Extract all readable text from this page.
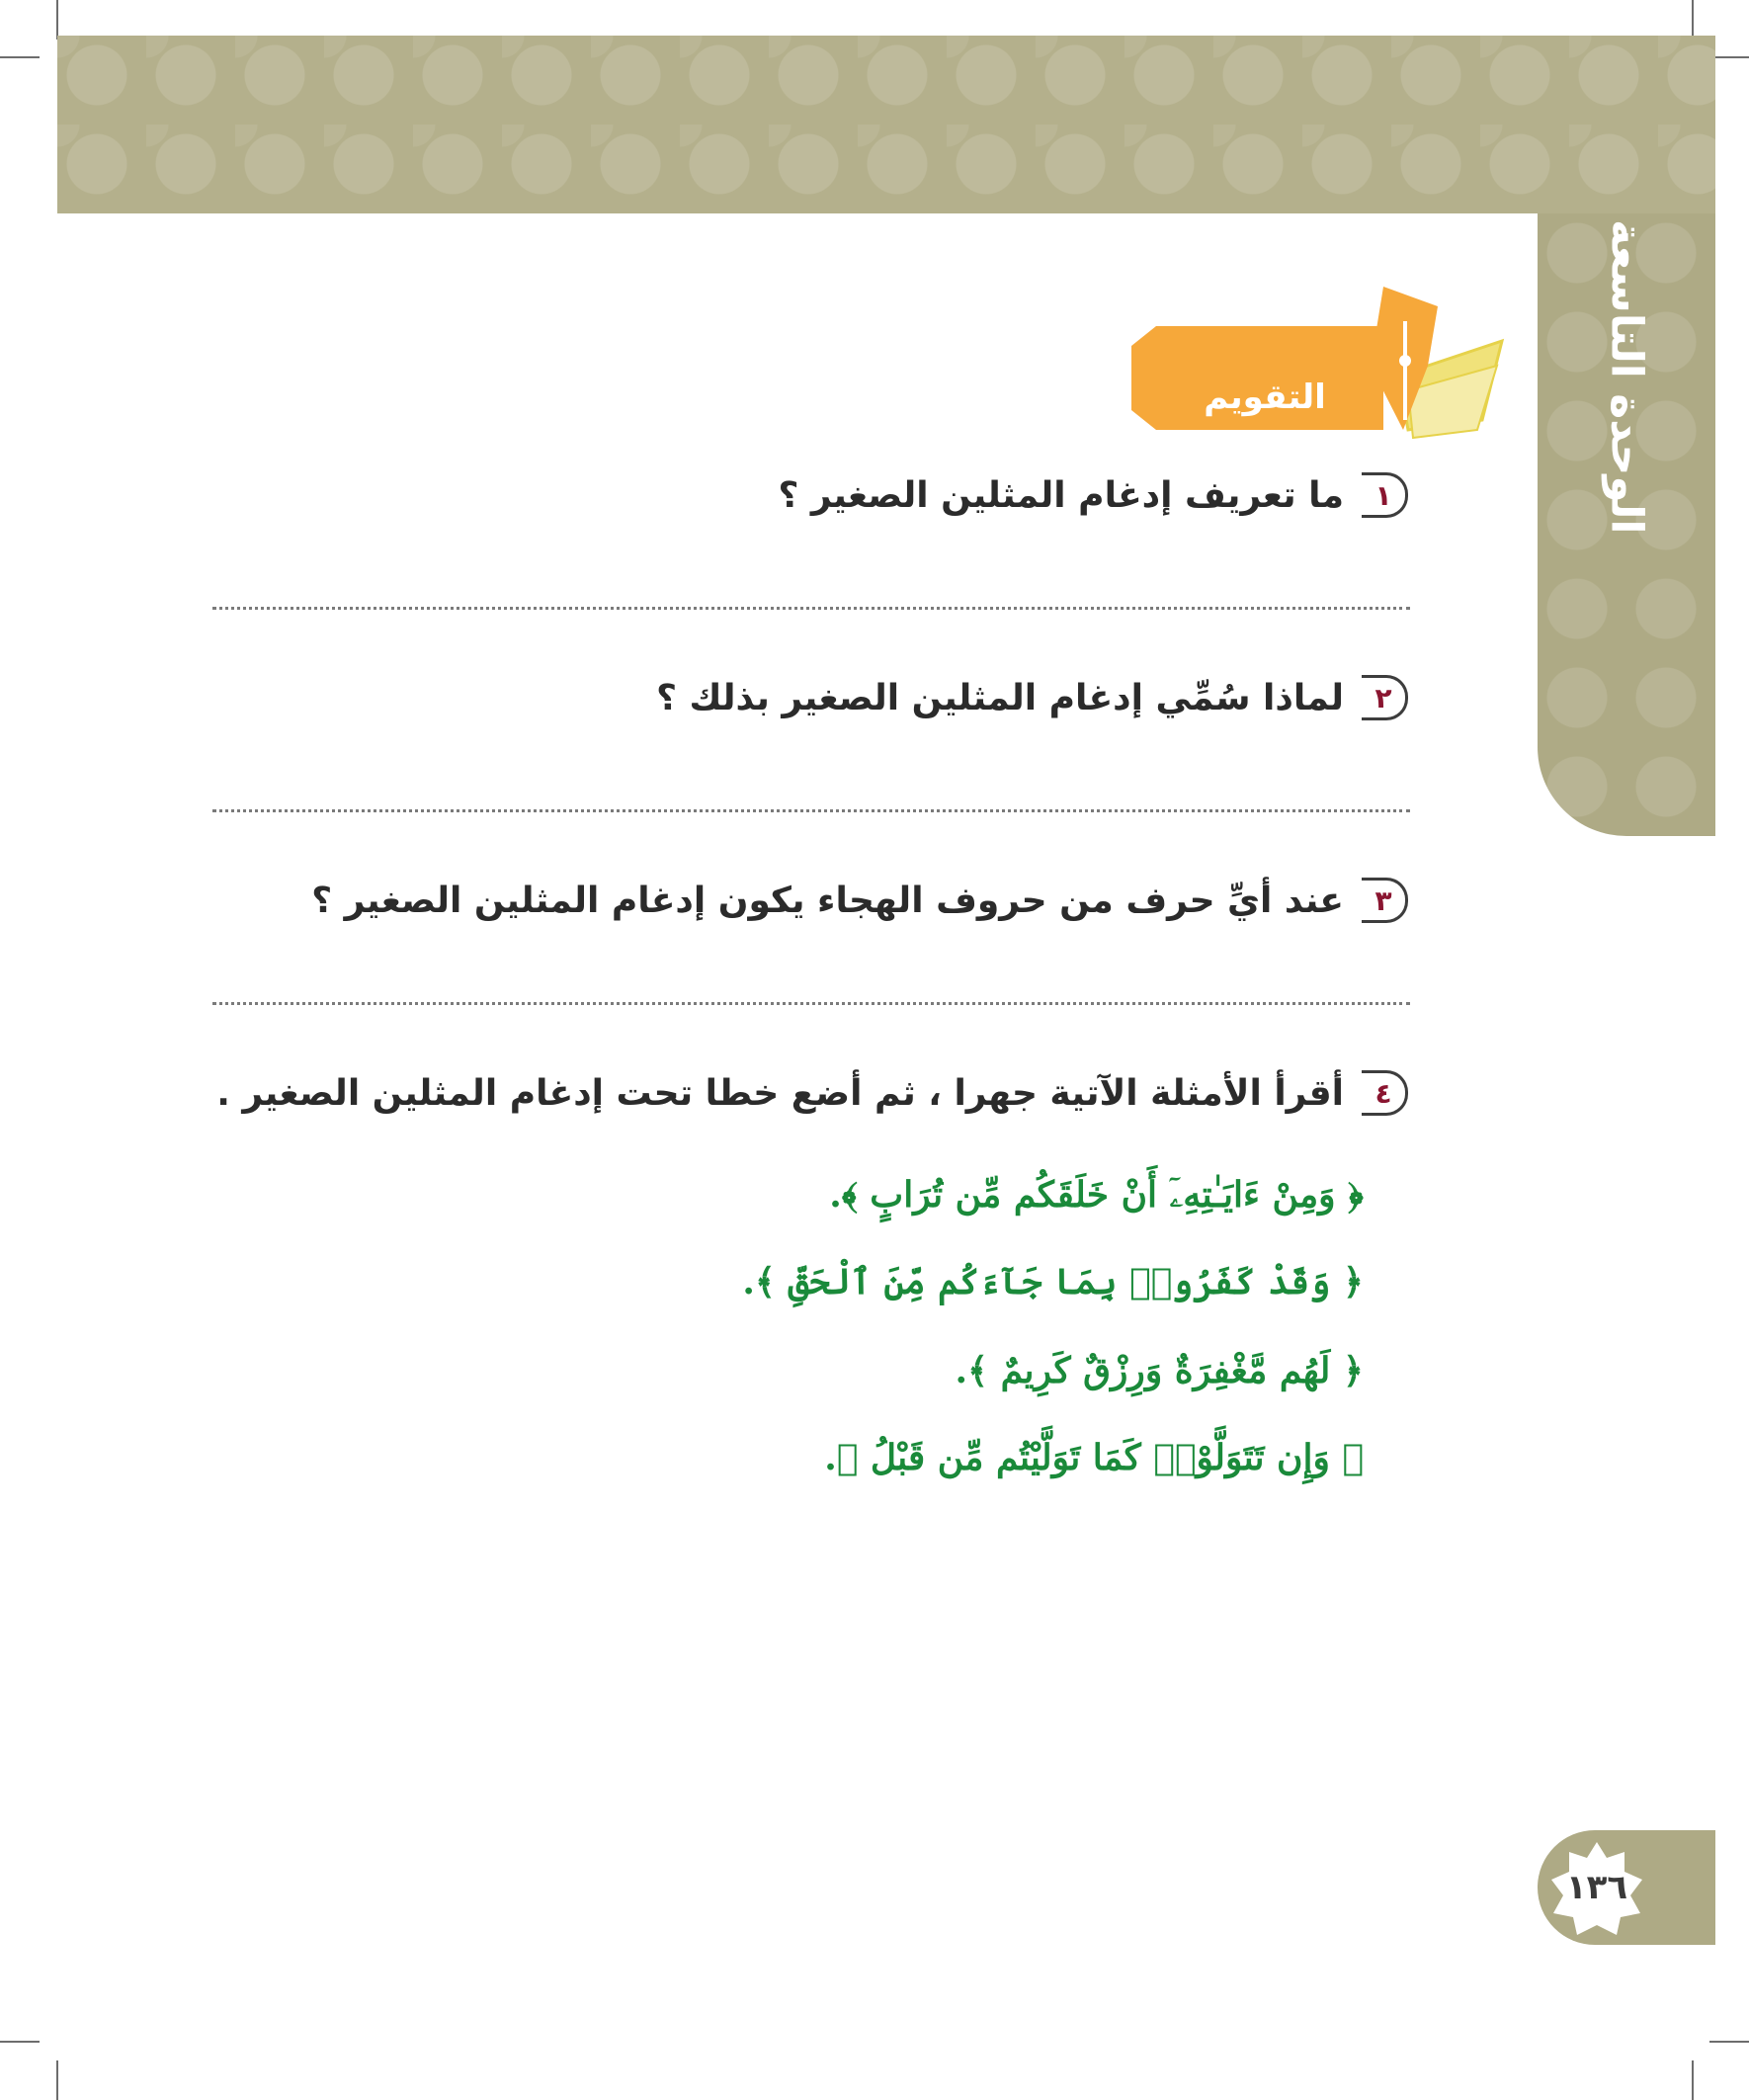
الوحدة التاسعة
التقويم
١
ما تعريف إدغام المثلين الصغير ؟
٢
لماذا سُمِّي إدغام المثلين الصغير بذلك ؟
٣
عند أيِّ حرف من حروف الهجاء يكون إدغام المثلين الصغير ؟
٤
أقرأ الأمثلة الآتية جهرا ، ثم أضع خطا تحت إدغام المثلين الصغير .
﴿ وَمِنْ ءَايَـٰتِهِۦٓ أَنْ خَلَقَكُم مِّن تُرَابٍ ﴾.
﴿ وَقَدْ كَفَرُوا۟ بِمَا جَآءَكُم مِّنَ ٱلْحَقِّ ﴾.
﴿ لَهُم مَّغْفِرَةٌ وَرِزْقٌ كَرِيمٌ ﴾.
﴿ وَإِن تَتَوَلَّوْا۟ كَمَا تَوَلَّيْتُم مِّن قَبْلُ ﴾.
١٣٦
